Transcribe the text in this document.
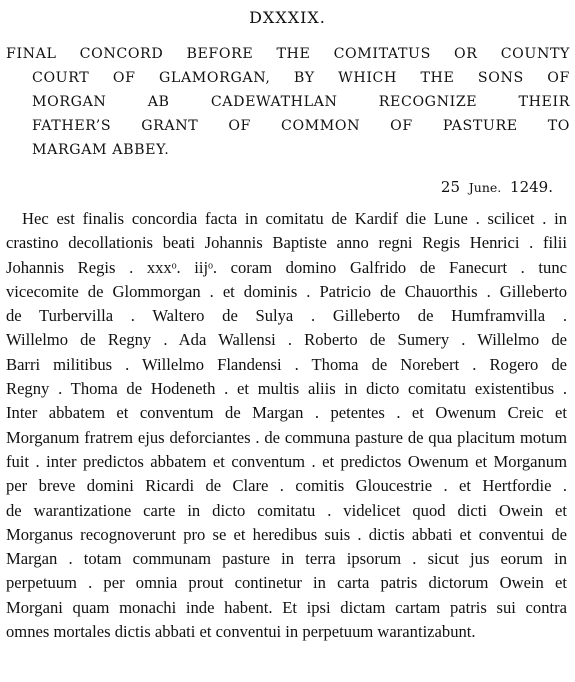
DXXXIX.
FINAL CONCORD BEFORE THE COMITATUS OR COUNTY
COURT OF GLAMORGAN, BY WHICH THE SONS OF
MORGAN AB CADEWATHLAN RECOGNIZE THEIR
FATHER’S GRANT OF COMMON OF PASTURE TO
MARGAM ABBEY.
25 June. 1249.
Hec est finalis concordia facta in comitatu de Kardif die Lune . scilicet . in
crastino decollationis beati Johannis Baptiste anno regni Regis Henrici . filii
Johannis Regis . xxxᵒ. iijᵒ. coram domino Galfrido de Fanecurt . tunc
vicecomite de Glommorgan . et dominis . Patricio de Chauorthis . Gilleberto
de Turbervilla . Waltero de Sulya . Gilleberto de Humframvilla .
Willelmo de Regny . Ada Wallensi . Roberto de Sumery . Willelmo de
Barri militibus . Willelmo Flandensi . Thoma de Norebert . Rogero de
Regny . Thoma de Hodeneth . et multis aliis in dicto comitatu existentibus .
Inter abbatem et conventum de Margan . petentes . et Owenum Creic et
Morganum fratrem ejus deforciantes . de communa pasture de qua placitum motum
fuit . inter predictos abbatem et conventum . et predictos Owenum et Morganum
per breve domini Ricardi de Clare . comitis Gloucestrie . et Hertfordie .
de warantizatione carte in dicto comitatu . videlicet quod dicti Owein et
Morganus recognoverunt pro se et heredibus suis . dictis abbati et conventui de
Margan . totam communam pasture in terra ipsorum . sicut jus eorum in
perpetuum . per omnia prout continetur in carta patris dictorum Owein et
Morgani quam monachi inde habent. Et ipsi dictam cartam patris sui contra
omnes mortales dictis abbati et conventui in perpetuum warantizabunt.
